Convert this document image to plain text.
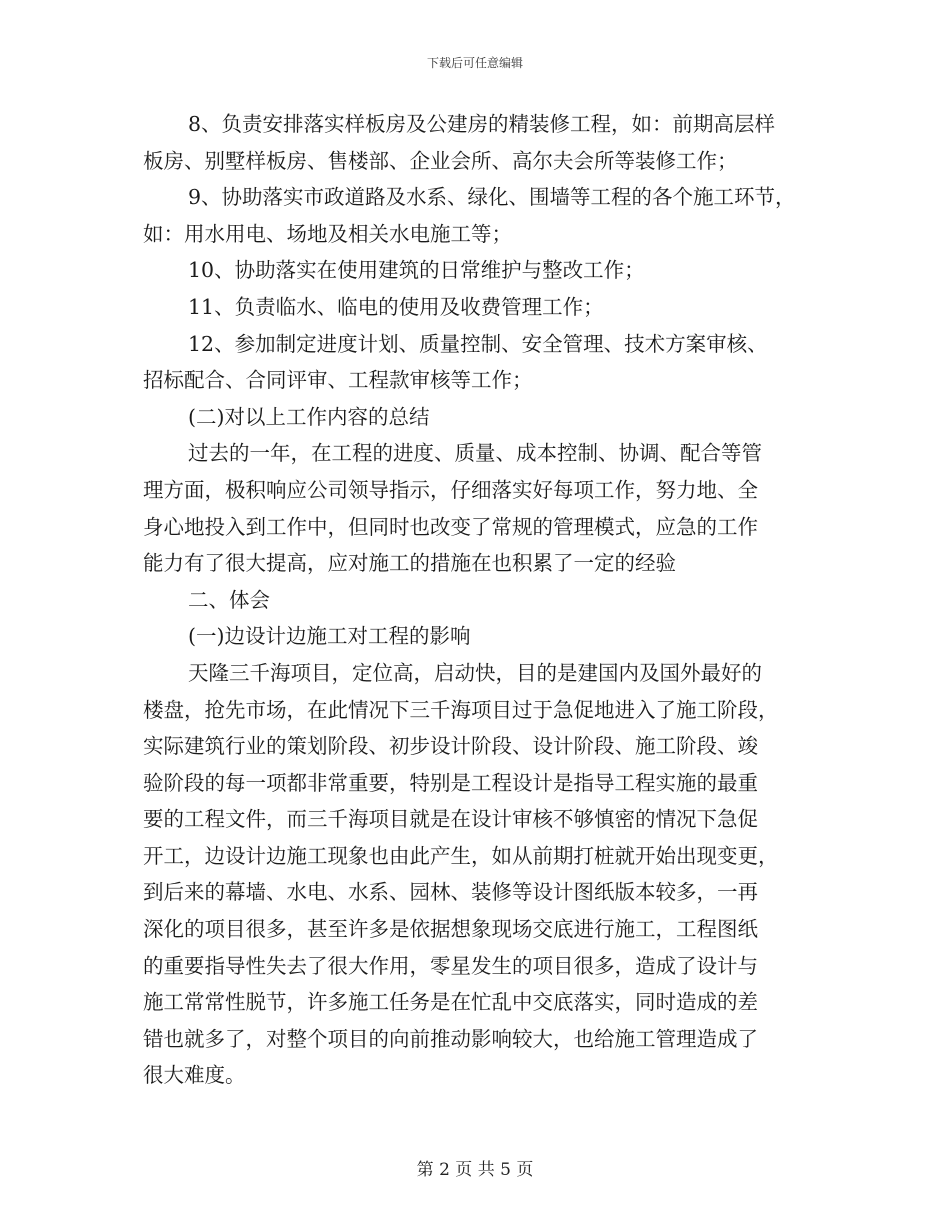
下载后可任意编辑

8、负责安排落实样板房及公建房的精装修工程，如：前期高层样

板房、别墅样板房、售楼部、企业会所、高尔夫会所等装修工作；

9、协助落实市政道路及水系、绿化、围墙等工程的各个施工环节，

如：用水用电、场地及相关水电施工等；

10、协助落实在使用建筑的日常维护与整改工作；

11、负责临水、临电的使用及收费管理工作；

12、参加制定进度计划、质量控制、安全管理、技术方案审核、

招标配合、合同评审、工程款审核等工作；

(二)对以上工作内容的总结

过去的一年，在工程的进度、质量、成本控制、协调、配合等管

理方面，极积响应公司领导指示，仔细落实好每项工作，努力地、全

身心地投入到工作中，但同时也改变了常规的管理模式，应急的工作

能力有了很大提高，应对施工的措施在也积累了一定的经验

二、体会

(一)边设计边施工对工程的影响

天隆三千海项目，定位高，启动快，目的是建国内及国外最好的

楼盘，抢先市场，在此情况下三千海项目过于急促地进入了施工阶段，

实际建筑行业的策划阶段、初步设计阶段、设计阶段、施工阶段、竣

验阶段的每一项都非常重要，特别是工程设计是指导工程实施的最重

要的工程文件，而三千海项目就是在设计审核不够慎密的情况下急促

开工，边设计边施工现象也由此产生，如从前期打桩就开始出现变更，

到后来的幕墙、水电、水系、园林、装修等设计图纸版本较多，一再

深化的项目很多，甚至许多是依据想象现场交底进行施工，工程图纸

的重要指导性失去了很大作用，零星发生的项目很多，造成了设计与

施工常常性脱节，许多施工任务是在忙乱中交底落实，同时造成的差

错也就多了，对整个项目的向前推动影响较大，也给施工管理造成了

很大难度。

第 2 页 共 5 页
